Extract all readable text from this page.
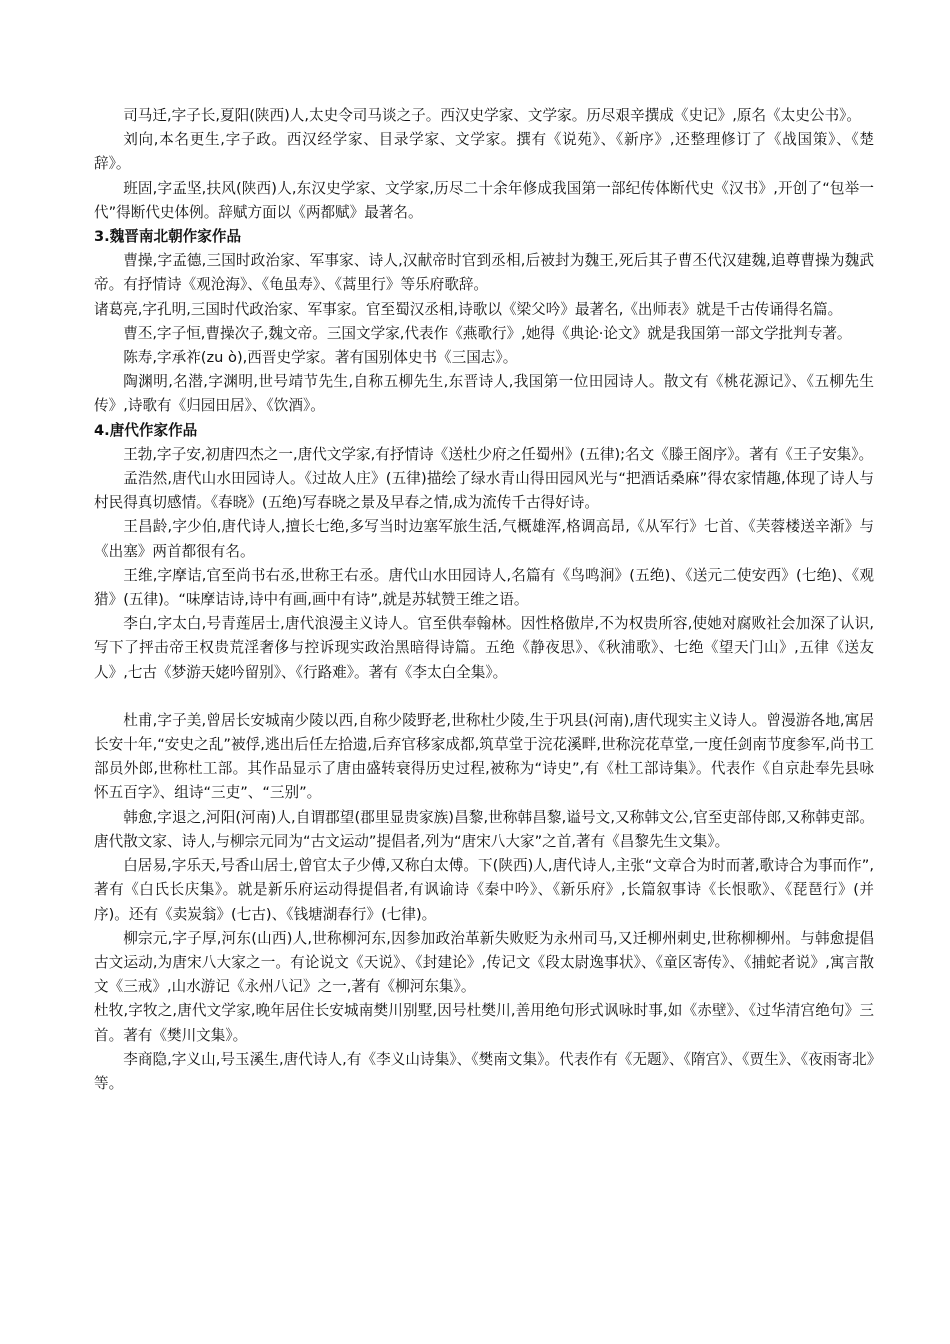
司马迁,字子长,夏阳(陕西)人,太史令司马谈之子。西汉史学家、文学家。历尽艰辛撰成《史记》,原名《太史公书》。

刘向,本名更生,字子政。西汉经学家、目录学家、文学家。撰有《说苑》、《新序》,还整理修订了《战国策》、《楚辞》。

班固,字孟坚,扶风(陕西)人,东汉史学家、文学家,历尽二十余年修成我国第一部纪传体断代史《汉书》,开创了“包举一代”得断代史体例。辞赋方面以《两都赋》最著名。

3.魏晋南北朝作家作品

曹操,字孟德,三国时政治家、军事家、诗人,汉献帝时官到丞相,后被封为魏王,死后其子曹丕代汉建魏,追尊曹操为魏武帝。有抒情诗《观沧海》、《龟虽寿》、《蒿里行》等乐府歌辞。

诸葛亮,字孔明,三国时代政治家、军事家。官至蜀汉丞相,诗歌以《梁父吟》最著名,《出师表》就是千古传诵得名篇。

曹丕,字子恒,曹操次子,魏文帝。三国文学家,代表作《燕歌行》,她得《典论·论文》就是我国第一部文学批判专著。

陈寿,字承祚(zu ò),西晋史学家。著有国别体史书《三国志》。

陶渊明,名潜,字渊明,世号靖节先生,自称五柳先生,东晋诗人,我国第一位田园诗人。散文有《桃花源记》、《五柳先生传》,诗歌有《归园田居》、《饮酒》。

4.唐代作家作品

王勃,字子安,初唐四杰之一,唐代文学家,有抒情诗《送杜少府之任蜀州》(五律);名文《滕王阁序》。著有《王子安集》。

孟浩然,唐代山水田园诗人。《过故人庄》(五律)描绘了绿水青山得田园风光与“把酒话桑麻”得农家情趣,体现了诗人与村民得真切感情。《春晓》(五绝)写春晓之景及早春之情,成为流传千古得好诗。

王昌龄,字少伯,唐代诗人,擅长七绝,多写当时边塞军旅生活,气概雄浑,格调高昂,《从军行》七首、《芙蓉楼送辛渐》与《出塞》两首都很有名。

王维,字摩诘,官至尚书右丞,世称王右丞。唐代山水田园诗人,名篇有《鸟鸣涧》(五绝)、《送元二使安西》(七绝)、《观猎》(五律)。“味摩诘诗,诗中有画,画中有诗”,就是苏轼赞王维之语。

李白,字太白,号青莲居士,唐代浪漫主义诗人。官至供奉翰林。因性格傲岸,不为权贵所容,使她对腐败社会加深了认识,写下了抨击帝王权贵荒淫奢侈与控诉现实政治黑暗得诗篇。五绝《静夜思》、《秋浦歌》、七绝《望天门山》,五律《送友人》,七古《梦游天姥吟留别》、《行路难》。著有《李太白全集》。

杜甫,字子美,曾居长安城南少陵以西,自称少陵野老,世称杜少陵,生于巩县(河南),唐代现实主义诗人。曾漫游各地,寓居长安十年,“安史之乱”被俘,逃出后任左拾遗,后弃官移家成都,筑草堂于浣花溪畔,世称浣花草堂,一度任剑南节度参军,尚书工部员外郎,世称杜工部。其作品显示了唐由盛转衰得历史过程,被称为“诗史”,有《杜工部诗集》。代表作《自京赴奉先县咏怀五百字》、组诗“三吏”、“三别”。

韩愈,字退之,河阳(河南)人,自谓郡望(郡里显贵家族)昌黎,世称韩昌黎,谥号文,又称韩文公,官至吏部侍郎,又称韩吏部。唐代散文家、诗人,与柳宗元同为“古文运动”提倡者,列为“唐宋八大家”之首,著有《昌黎先生文集》。

白居易,字乐天,号香山居士,曾官太子少傅,又称白太傅。下(陕西)人,唐代诗人,主张“文章合为时而著,歌诗合为事而作”,著有《白氏长庆集》。就是新乐府运动得提倡者,有讽谕诗《秦中吟》、《新乐府》,长篇叙事诗《长恨歌》、《琵琶行》(并序)。还有《卖炭翁》(七古)、《钱塘湖春行》(七律)。

柳宗元,字子厚,河东(山西)人,世称柳河东,因参加政治革新失败贬为永州司马,又迁柳州刺史,世称柳柳州。与韩愈提倡古文运动,为唐宋八大家之一。有论说文《天说》、《封建论》,传记文《段太尉逸事状》、《童区寄传》、《捕蛇者说》,寓言散文《三戒》,山水游记《永州八记》之一,著有《柳河东集》。

杜牧,字牧之,唐代文学家,晚年居住长安城南樊川别墅,因号杜樊川,善用绝句形式讽咏时事,如《赤壁》、《过华清宫绝句》三首。著有《樊川文集》。

李商隐,字义山,号玉溪生,唐代诗人,有《李义山诗集》、《樊南文集》。代表作有《无题》、《隋宫》、《贾生》、《夜雨寄北》等。
